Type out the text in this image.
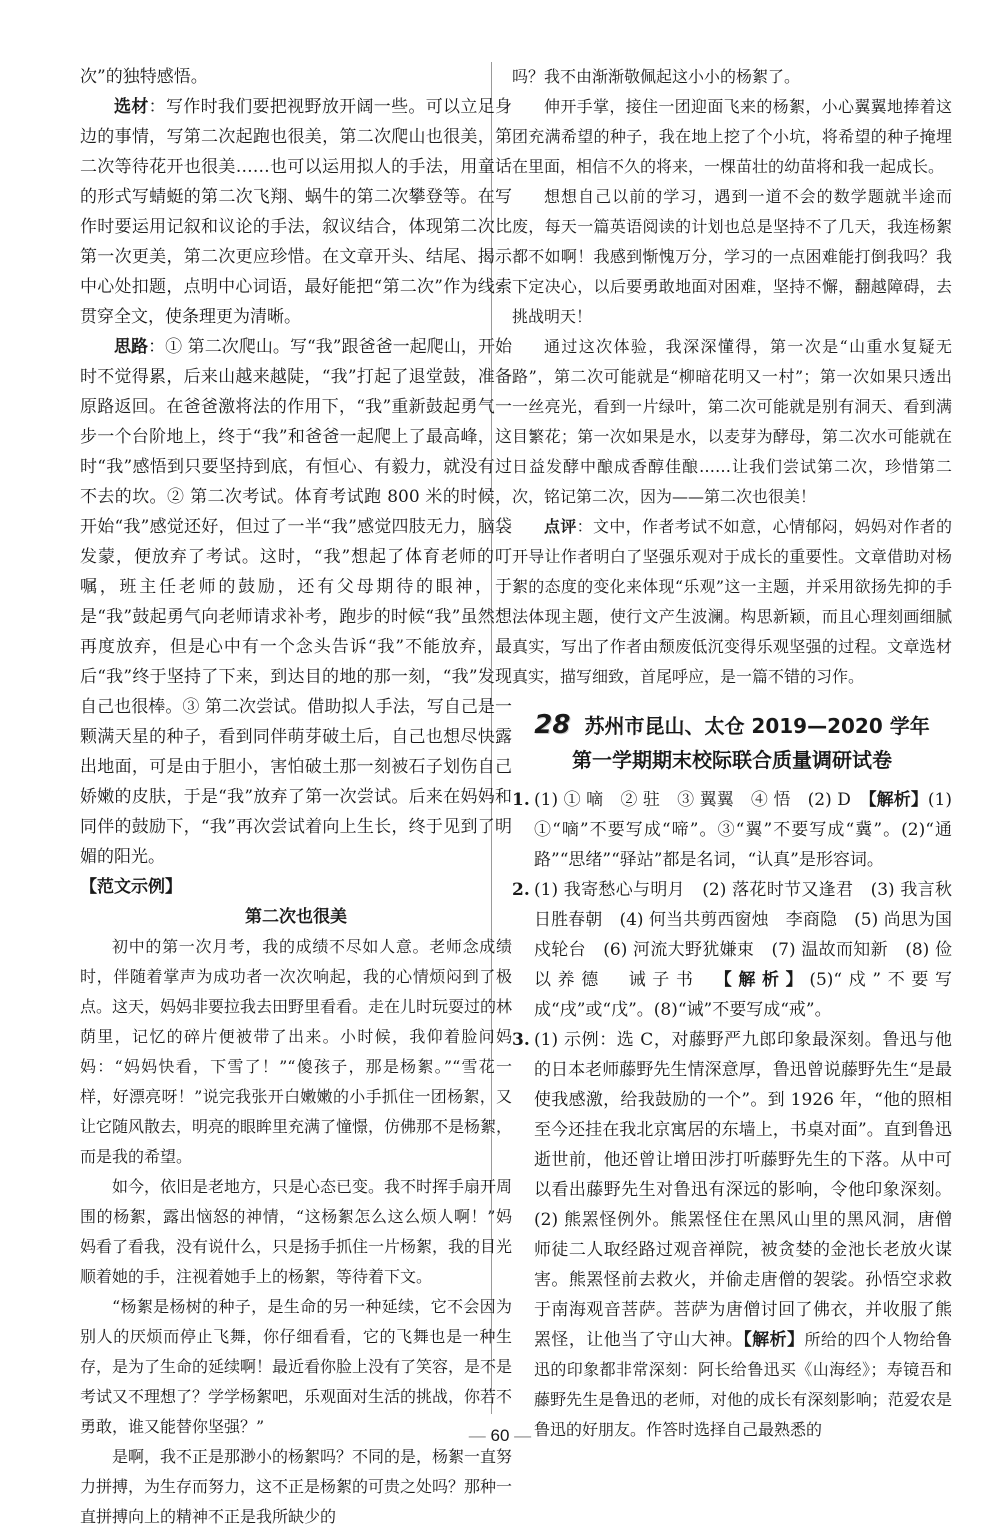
次”的独特感悟。

选材：写作时我们要把视野放开阔一些。可以立足身边的事情，写第二次起跑也很美，第二次爬山也很美，第二次等待花开也很美……也可以运用拟人的手法，用童话的形式写蜻蜓的第二次飞翔、蜗牛的第二次攀登等。在写作时要运用记叙和议论的手法，叙议结合，体现第二次比第一次更美，第二次更应珍惜。在文章开头、结尾、揭示中心处扣题，点明中心词语，最好能把“第二次”作为线索贯穿全文，使条理更为清晰。

思路：① 第二次爬山。写“我”跟爸爸一起爬山，开始时不觉得累，后来山越来越陡，“我”打起了退堂鼓，准备原路返回。在爸爸激将法的作用下，“我”重新鼓起勇气一步一个台阶地上，终于“我”和爸爸一起爬上了最高峰，这时“我”感悟到只要坚持到底，有恒心、有毅力，就没有过不去的坎。② 第二次考试。体育考试跑 800 米的时候，开始“我”感觉还好，但过了一半“我”感觉四肢无力，脑袋发蒙，便放弃了考试。这时，“我”想起了体育老师的叮嘱，班主任老师的鼓励，还有父母期待的眼神，于是“我”鼓起勇气向老师请求补考，跑步的时候“我”虽然想再度放弃，但是心中有一个念头告诉“我”不能放弃，最后“我”终于坚持了下来，到达目的地的那一刻，“我”发现自己也很棒。③ 第二次尝试。借助拟人手法，写自己是一颗满天星的种子，看到同伴萌芽破土后，自己也想尽快露出地面，可是由于胆小，害怕破土那一刻被石子划伤自己娇嫩的皮肤，于是“我”放弃了第一次尝试。后来在妈妈和同伴的鼓励下，“我”再次尝试着向上生长，终于见到了明媚的阳光。

【范文示例】

第二次也很美

初中的第一次月考，我的成绩不尽如人意。老师念成绩时，伴随着掌声为成功者一次次响起，我的心情烦闷到了极点。这天，妈妈非要拉我去田野里看看。走在儿时玩耍过的林荫里，记忆的碎片便被带了出来。小时候，我仰着脸问妈妈：“妈妈快看，下雪了！”“傻孩子，那是杨絮。”“雪花一样，好漂亮呀！”说完我张开白嫩嫩的小手抓住一团杨絮，又让它随风散去，明亮的眼眸里充满了憧憬，仿佛那不是杨絮，而是我的希望。

如今，依旧是老地方，只是心态已变。我不时挥手扇开周围的杨絮，露出恼怒的神情，“这杨絮怎么这么烦人啊！”妈妈看了看我，没有说什么，只是扬手抓住一片杨絮，我的目光顺着她的手，注视着她手上的杨絮，等待着下文。

“杨絮是杨树的种子，是生命的另一种延续，它不会因为别人的厌烦而停止飞舞，你仔细看看，它的飞舞也是一种生存，是为了生命的延续啊！最近看你脸上没有了笑容，是不是考试又不理想了？学学杨絮吧，乐观面对生活的挑战，你若不勇敢，谁又能替你坚强？”

是啊，我不正是那渺小的杨絮吗？不同的是，杨絮一直努力拼搏，为生存而努力，这不正是杨絮的可贵之处吗？那种一直拼搏向上的精神不正是我所缺少的

吗？我不由渐渐敬佩起这小小的杨絮了。

伸开手掌，接住一团迎面飞来的杨絮，小心翼翼地捧着这团充满希望的种子，我在地上挖了个小坑，将希望的种子掩埋在里面，相信不久的将来，一棵苗壮的幼苗将和我一起成长。

想想自己以前的学习，遇到一道不会的数学题就半途而废，每天一篇英语阅读的计划也总是坚持不了几天，我连杨絮都不如啊！我感到惭愧万分，学习的一点困难能打倒我吗？我下定决心，以后要勇敢地面对困难，坚持不懈，翻越障碍，去挑战明天！

通过这次体验，我深深懂得，第一次是“山重水复疑无路”，第二次可能就是“柳暗花明又一村”；第一次如果只透出一丝亮光，看到一片绿叶，第二次可能就是别有洞天、看到满目繁花；第一次如果是水，以麦芽为酵母，第二次水可能就在日益发酵中酿成香醇佳酿……让我们尝试第二次，珍惜第二次，铭记第二次，因为——第二次也很美！

点评：文中，作者考试不如意，心情郁闷，妈妈对作者的开导让作者明白了坚强乐观对于成长的重要性。文章借助对杨絮的态度的变化来体现“乐观”这一主题，并采用欲扬先抑的手法体现主题，使行文产生波澜。构思新颖，而且心理刻画细腻真实，写出了作者由颓废低沉变得乐观坚强的过程。文章选材真实，描写细致，首尾呼应，是一篇不错的习作。

28 苏州市昆山、太仓 2019—2020 学年
第一学期期末校际联合质量调研试卷
1. (1) ① 嘀　② 驻　③ 翼翼　④ 悟　(2) D　【解析】(1) ①“嘀”不要写成“啼”。③“翼”不要写成“冀”。(2)“通路”“思绪”“驿站”都是名词，“认真”是形容词。
2. (1) 我寄愁心与明月　(2) 落花时节又逢君　(3) 我言秋日胜春朝　(4) 何当共剪西窗烛　李商隐　(5) 尚思为国戍轮台　(6) 河流大野犹嫌束　(7) 温故而知新　(8) 俭以养德　诫子书　【解析】(5)“戍”不要写成“戌”或“戊”。(8)“诫”不要写成“戒”。
3. (1) 示例：选 C，对藤野严九郎印象最深刻。鲁迅与他的日本老师藤野先生情深意厚，鲁迅曾说藤野先生“是最使我感激，给我鼓励的一个”。到 1926 年，“他的照相至今还挂在我北京寓居的东墙上，书桌对面”。直到鲁迅逝世前，他还曾让增田涉打听藤野先生的下落。从中可以看出藤野先生对鲁迅有深远的影响，令他印象深刻。(2) 熊罴怪例外。熊罴怪住在黑风山里的黑风洞，唐僧师徒二人取经路过观音禅院，被贪婪的金池长老放火谋害。熊罴怪前去救火，并偷走唐僧的袈裟。孙悟空求救于南海观音菩萨。菩萨为唐僧讨回了佛衣，并收服了熊罴怪，让他当了守山大神。【解析】所给的四个人物给鲁迅的印象都非常深刻：阿长给鲁迅买《山海经》；寿镜吾和藤野先生是鲁迅的老师，对他的成长有深刻影响；范爱农是鲁迅的好朋友。作答时选择自己最熟悉的
— 60 —
